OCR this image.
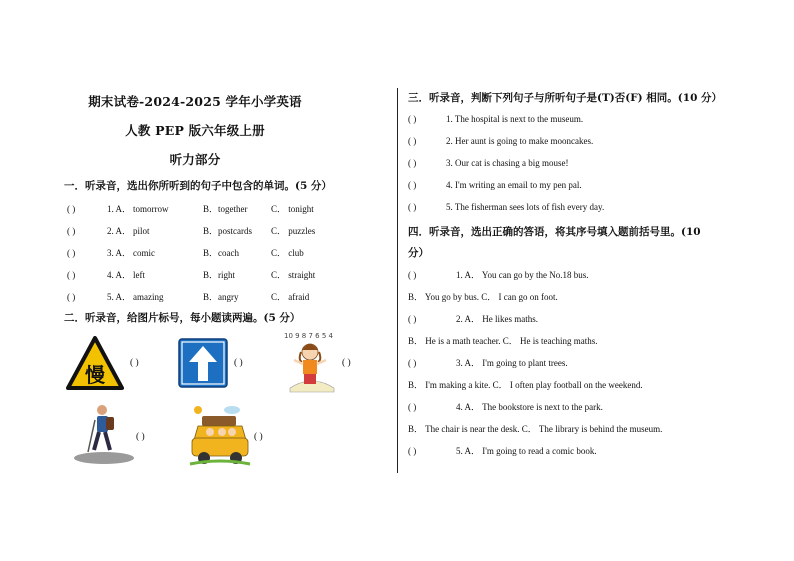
期末试卷-2024-2025 学年小学英语
人教 PEP 版六年级上册
听力部分
一．听录音，选出你所听到的句子中包含的单词。(5 分）
( )	1. A． tomorrow	B．together	C． tonight
( )	2. A． pilot	B．postcards C． puzzles
( )	3. A． comic	B．coach	C． club
( )	4. A． left	B．right	C． straight
( )	5. A． amazing	B．angry	C． afraid
二．听录音，给图片标号，每小题读两遍。(5 分）
慢	( )	( )
10 9 8 7 6 5 4
( )
( )	( )
三．听录音，判断下列句子与所听句子是(T)否(F) 相同。(10 分）
( )	1. The hospital is next to the museum.
( )	2. Her aunt is going to make mooncakes.
( )	3. Our cat is chasing a big mouse!
( )	4. I'm writing an email to my pen pal.
( )	5. The fisherman sees lots of fish every day.
四．听录音，选出正确的答语，将其序号填入题前括号里。(10
分）
( )	1. A． You can go by the No.18 bus.
B． You go by bus. C． I can go on foot.
( )	2. A． He likes maths.
B． He is a math teacher. C． He is teaching maths.
( )	3. A． I'm going to plant trees.
B． I'm making a kite. C． I often play football on the weekend.
( )	4. A． The bookstore is next to the park.
B． The chair is near the desk. C． The library is behind the museum.
( )	5. A． I'm going to read a comic book.
